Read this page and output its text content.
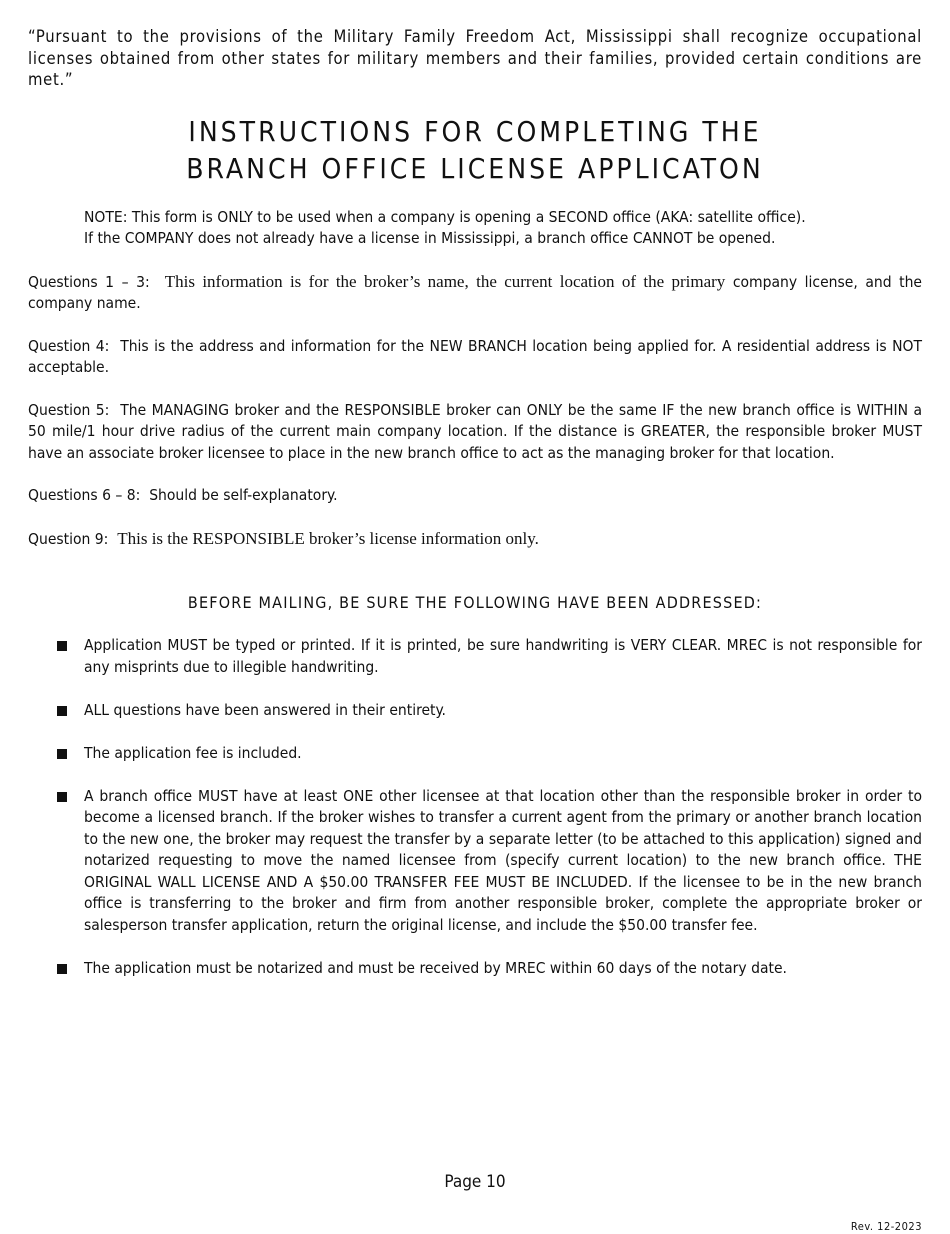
“Pursuant to the provisions of the Military Family Freedom Act, Mississippi shall recognize occupational licenses obtained from other states for military members and their families, provided certain conditions are met.”

INSTRUCTIONS FOR COMPLETING THE
BRANCH OFFICE LICENSE APPLICATON

NOTE: This form is ONLY to be used when a company is opening a SECOND office (AKA: satellite office). If the COMPANY does not already have a license in Mississippi, a branch office CANNOT be opened.

Questions 1 – 3: This information is for the broker’s name, the current location of the primary company license, and the company name.

Question 4: This is the address and information for the NEW BRANCH location being applied for. A residential address is NOT acceptable.

Question 5: The MANAGING broker and the RESPONSIBLE broker can ONLY be the same IF the new branch office is WITHIN a 50 mile/1 hour drive radius of the current main company location. If the distance is GREATER, the responsible broker MUST have an associate broker licensee to place in the new branch office to act as the managing broker for that location.

Questions 6 – 8: Should be self-explanatory.

Question 9: This is the RESPONSIBLE broker’s license information only.

BEFORE MAILING, BE SURE THE FOLLOWING HAVE BEEN ADDRESSED:

Application MUST be typed or printed. If it is printed, be sure handwriting is VERY CLEAR. MREC is not responsible for any misprints due to illegible handwriting.
ALL questions have been answered in their entirety.
The application fee is included.
A branch office MUST have at least ONE other licensee at that location other than the responsible broker in order to become a licensed branch. If the broker wishes to transfer a current agent from the primary or another branch location to the new one, the broker may request the transfer by a separate letter (to be attached to this application) signed and notarized requesting to move the named licensee from (specify current location) to the new branch office. THE ORIGINAL WALL LICENSE AND A $50.00 TRANSFER FEE MUST BE INCLUDED. If the licensee to be in the new branch office is transferring to the broker and firm from another responsible broker, complete the appropriate broker or salesperson transfer application, return the original license, and include the $50.00 transfer fee.
The application must be notarized and must be received by MREC within 60 days of the notary date.
Page 10
Rev. 12-2023
